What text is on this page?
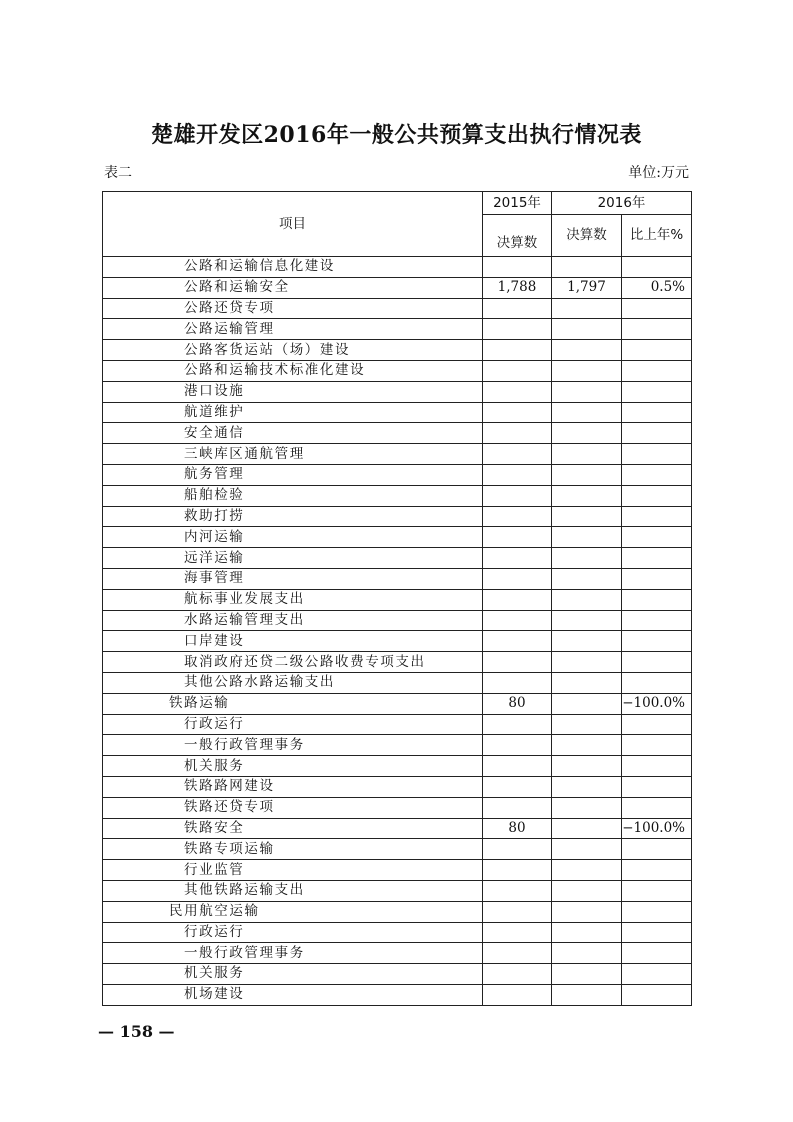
楚雄开发区2016年一般公共预算支出执行情况表
表二	单位:万元
项目	2015年	2016年	
	决算数	决算数	比上年%
公路和运输信息化建设			
公路和运输安全	1,788	1,797	0.5%
公路还贷专项			
公路运输管理			
公路客货运站（场）建设			
公路和运输技术标准化建设			
港口设施			
航道维护			
安全通信			
三峡库区通航管理			
航务管理			
船舶检验			
救助打捞			
内河运输			
远洋运输			
海事管理			
航标事业发展支出			
水路运输管理支出			
口岸建设			
取消政府还贷二级公路收费专项支出			
其他公路水路运输支出			
铁路运输	80		−100.0%
行政运行			
一般行政管理事务			
机关服务			
铁路路网建设			
铁路还贷专项			
铁路安全	80		−100.0%
铁路专项运输			
行业监管			
其他铁路运输支出			
民用航空运输			
行政运行			
一般行政管理事务			
机关服务			
机场建设			
— 158 —
